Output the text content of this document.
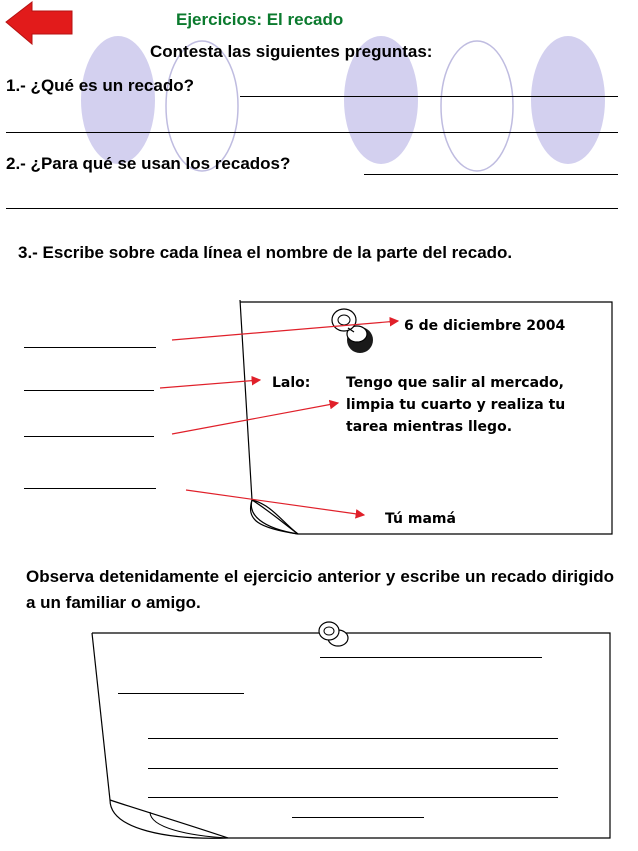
Ejercicios: El recado
Contesta las siguientes preguntas:
1.- ¿Qué es un recado?
2.- ¿Para qué se usan los recados?
3.- Escribe sobre cada línea el nombre de la parte del recado.
6 de diciembre 2004
Lalo:	Tengo que salir al mercado,
limpia tu cuarto y realiza tu
tarea mientras llego.
Tú mamá
Observa detenidamente el ejercicio anterior y escribe un recado dirigido a un familiar o amigo.
